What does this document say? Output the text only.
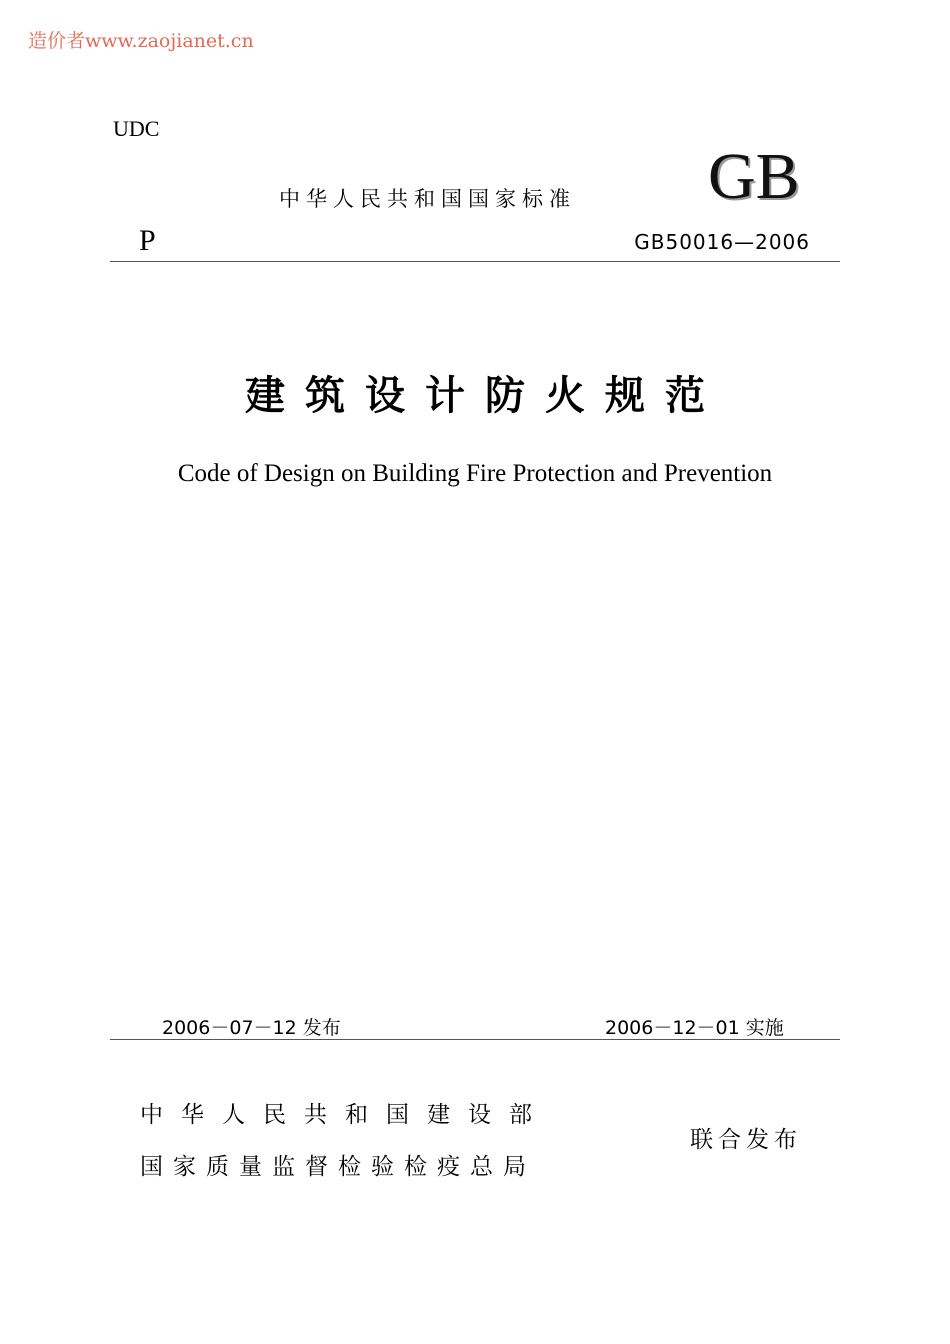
造价者www.zaojianet.cn
UDC
中华人民共和国国家标准 GB
P	GB50016—2006
建筑设计防火规范
Code of Design on Building Fire Protection and Prevention
2006－07－12 发布	2006－12－01 实施
中华人民共和国建设部
国家质量监督检验检疫总局
联合发布
